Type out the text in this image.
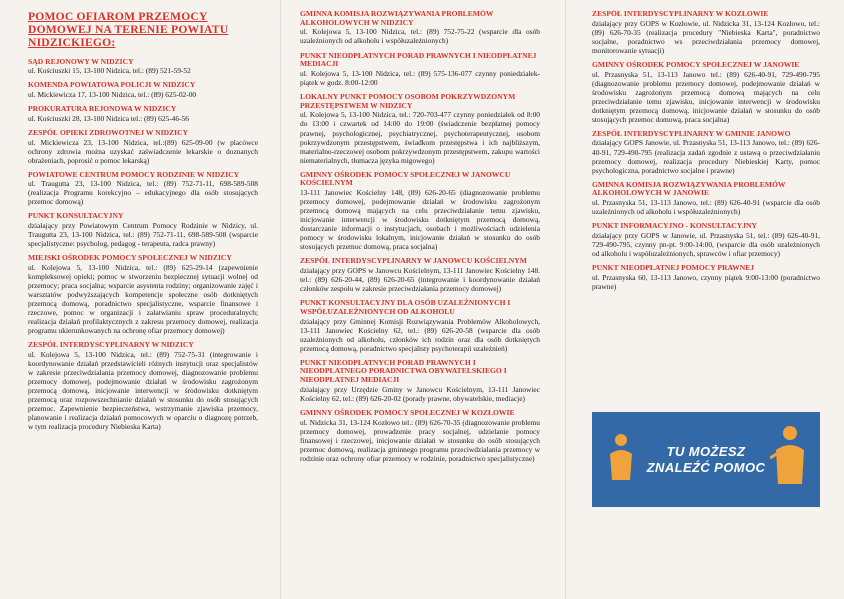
POMOC OFIAROM PRZEMOCY
DOMOWEJ NA TERENIE POWIATU
NIDZICKIEGO:
SĄD REJONOWY W NIDZICY
ul. Kościuszki 15, 13-100 Nidzica, tel.: (89) 521-59-52
KOMENDA POWIATOWA POLICJI W NIDZICY
ul. Mickiewicza 17, 13-100 Nidzica, tel.: (89) 625-02-00
PROKURATURA REJONOWA W NIDZICY
ul. Kościuszki 28, 13-100 Nidzica tel.: (89) 625-46-56
ZESPÓŁ OPIEKI ZDROWOTNEJ W NIDZICY
ul. Mickiewicza 23, 13-100 Nidzica, tel.:(89) 625-09-00 (w placówce ochrony zdrowia można uzyskać zaświadczenie lekarskie o doznanych obrażeniach, poprosić o pomoc lekarską)
POWIATOWE CENTRUM POMOCY RODZINIE W NIDZICY
ul. Traugutta 23, 13-100 Nidzica, tel.: (89) 752-71-11, 698-589-508 (realizacja Programu korekcyjno – edukacyjnego dla osób stosujących przemoc domową)
PUNKT KONSULTACYJNY
działający przy Powiatowym Centrum Pomocy Rodzinie w Nidzicy, ul. Traugutta 23, 13-100 Nidzica, tel.: (89) 752-71-11, 698-589-508 (wsparcie specjalistyczne: psycholog, pedagog - terapeuta, radca prawny)
MIEJSKI OŚRODEK POMOCY SPOŁECZNEJ W NIDZICY
ul. Kolejowa 5, 13-100 Nidzica, tel.: (89) 625-29-14 (zapewnienie kompleksowej opieki; pomoc w stworzeniu bezpiecznej sytuacji wolnej od przemocy; praca socjalna; wsparcie asystenta rodziny; organizowanie zajęć i warsztatów podwyższających kompetencje społeczne osób dotkniętych przemocą domową, poradnictwo specjalistyczne, wsparcie finansowe i rzeczowe, pomoc w organizacji i załatwianiu spraw proceduralnych; realizacja działań profilaktycznych z zakresu przemocy domowej, realizacja programu ukierunkowanych na ochronę ofiar przemocy domowej)
ZESPÓŁ INTERDYSCYPLINARNY W NIDZICY
ul. Kolejowa 5, 13-100 Nidzica, tel.: (89) 752-75-31 (integrowanie i koordynowanie działań przedstawicieli różnych instytucji oraz specjalistów w zakresie przeciwdziałania przemocy domowej, diagnozowanie problemu przemocy domowej, podejmowanie działań w środowisku zagrożonym przemocą domową, inicjowanie interwencji w środowisku dotkniętym przemocą oraz rozpowszechnianie działań w stosunku do osób stosujących przemoc. Zapewnienie bezpieczeństwa, wstrzymanie zjawiska przemocy, planowanie i realizacja działań pomocowych w oparciu o diagnozę potrzeb, w tym realizacja procedury Niebieska Karta)
GMINNA KOMISJA ROZWIĄZYWANIA PROBLEMÓW ALKOHOLOWYCH W NIDZICY
ul. Kolejowa 5, 13-100 Nidzica, tel.: (89) 752-75-22 (wsparcie dla osób uzależnionych od alkoholu i współuzależnionych)
PUNKT NIEODPŁATNYCH PORAD PRAWNYCH I NIEODPŁATNEJ MEDIACJI
ul. Kolejowa 5, 13-100 Nidzica, tel.: (89) 575-136-077 czynny poniedziałek-piątek w godz. 8:00-12:00
LOKALNY PUNKT POMOCY OSOBOM POKRZYWDZONYM PRZESTĘPSTWEM W NIDZICY
ul. Kolejowa 5, 13-100 Nidzica, tel.: 720-703-477 czynny poniedziałek od 8:00 do 13:00 i czwartek od 14:00 do 19:00 (świadczenie bezpłatnej pomocy prawnej, psychologicznej, psychiatrycznej, psychoterapeutycznej, osobom pokrzywdzonym przestępstwem, świadkom przestępstwa i ich najbliższym, materialno-rzeczowej osobom pokrzywdzonym przestępstwem, zakupu wartości niematerialnych, tłumacza języka migowego)
GMINNY OŚRODEK POMOCY SPOŁECZNEJ W JANOWCU KOŚCIELNYM
13-111 Janowiec Kościelny 148, (89) 626-20-65 (diagnozowanie problemu przemocy domowej, podejmowanie działań w środowisku zagrożonym przemocą domową mających na celu przeciwdziałanie temu zjawisku, inicjowanie interwencji w środowisku dotkniętym przemocą domową, dostarczanie informacji o instytucjach, osobach i możliwościach udzielenia pomocy w środowisku lokalnym, inicjowanie działań w stosunku do osób stosujących przemoc domową, praca socjalna)
ZESPÓŁ INTERDYSCYPLINARNY W JANOWCU KOŚCIELNYM
działający przy GOPS w Janowcu Kościelnym, 13-111 Janowiec Kościelny 148. tel.: (89) 626-20-44, (89) 626-20-65 (integrowanie i koordynowanie działań członków zespołu w zakresie przeciwdziałania przemocy domowej)
PUNKT KONSULTACYJNY DLA OSÓB UZALEŻNIONYCH I WSPÓŁUZALEŻNIONYCH OD ALKOHOLU
działający przy Gminnej Komisji Rozwiązywania Problemów Alkoholowych, 13-111 Janowiec Kościelny 62, tel.: (89) 626-20-58 (wsparcie dla osób uzależnionych od alkoholu, członków ich rodzin oraz dla osób dotkniętych przemocą domową, poradnictwo specjalisty psychoterapii uzależnień)
PUNKT NIEODPŁATNYCH PORAD PRAWNYCH I NIEODPŁATNEGO PORADNICTWA OBYWATELSKIEGO I NIEODPŁATNEJ MEDIACJI
działający przy Urzędzie Gminy w Janowcu Kościelnym, 13-111 Janowiec Kościelny 62, tel.: (89) 626-20-02 (porady prawne, obywatelskie, mediacje)
GMINNY OŚRODEK POMOCY SPOŁECZNEJ W KOZŁOWIE
ul. Nidzicka 31, 13-124 Kozłowo tel.: (89) 626-70-35 (diagnozowanie problemu przemocy domowej, prowadzenie pracy socjalnej, udzielanie pomocy finansowej i rzeczowej, inicjowanie działań w stosunku do osób stosujących przemoc domową, realizacja gminnego programu przeciwdziałania przemocy w rodzinie oraz ochrony ofiar przemocy w rodzinie, poradnictwo specjalistyczne)
ZESPÓŁ INTERDYSCYPLINARNY W KOZŁOWIE
działający przy GOPS w Kozłowie, ul. Nidzicka 31, 13-124 Kozłowo, tel.: (89) 626-70-35 (realizacja procedury "Niebieska Karta", poradnictwo socjalne, poradnictwo ws przeciwdziałania przemocy domowej, monitorowanie sytuacji)
GMINNY OŚRODEK POMOCY SPOŁECZNEJ W JANOWIE
ul. Przasnyska 51, 13-113 Janowo tel.: (89) 626-40-91, 729-490-795 (diagnozowanie problemu przemocy domowej, podejmowanie działań w środowisku zagrożonym przemocą domową mających na celu przeciwdziałanie temu zjawisku, inicjowanie interwencji w środowisku dotkniętym przemocą domową, inicjowanie działań w stosunku do osób stosujących przemoc domową, praca socjalna)
ZESPÓŁ INTERDYSCYPLINARNY W GMINIE JANOWO
działający GOPS Janowie, ul. Przasnyska 51, 13-113 Janowo, tel.: (89) 626-40-91, 729-490-795 (realizacja zadań zgodnie z ustawą o przeciwdziałaniu przemocy domowej, realizacja procedury Niebieskiej Karty, pomoc psychologiczna, poradnictwo socjalne i prawne)
GMINNA KOMISJA ROZWIĄZYWANIA PROBLEMÓW ALKOHOLOWYCH W JANOWIE
ul. Przasnyska 51, 13-113 Janowo, tel.: (89) 626-40-91 (wsparcie dla osób uzależnionych od alkoholu i współuzależnionych)
PUNKT INFORMACYJNO - KONSULTACYJNY
działający przy GOPS w Janowie, ul. Przasnyska 51, tel.: (89) 626-40-91, 729-490-795, czynny pn-pt. 9:00-14:00, (wsparcie dla osób uzależnionych od alkoholu i współuzależnionych, sprawców i ofiar przemocy)
PUNKT NIEODPŁATNEJ POMOCY PRAWNEJ
ul. Przasnyska 60, 13-113 Janowo, czynny piątek 9:00-13:00 (poradnictwo prawne)
TU MOŻESZ
ZNALEŹĆ POMOC
